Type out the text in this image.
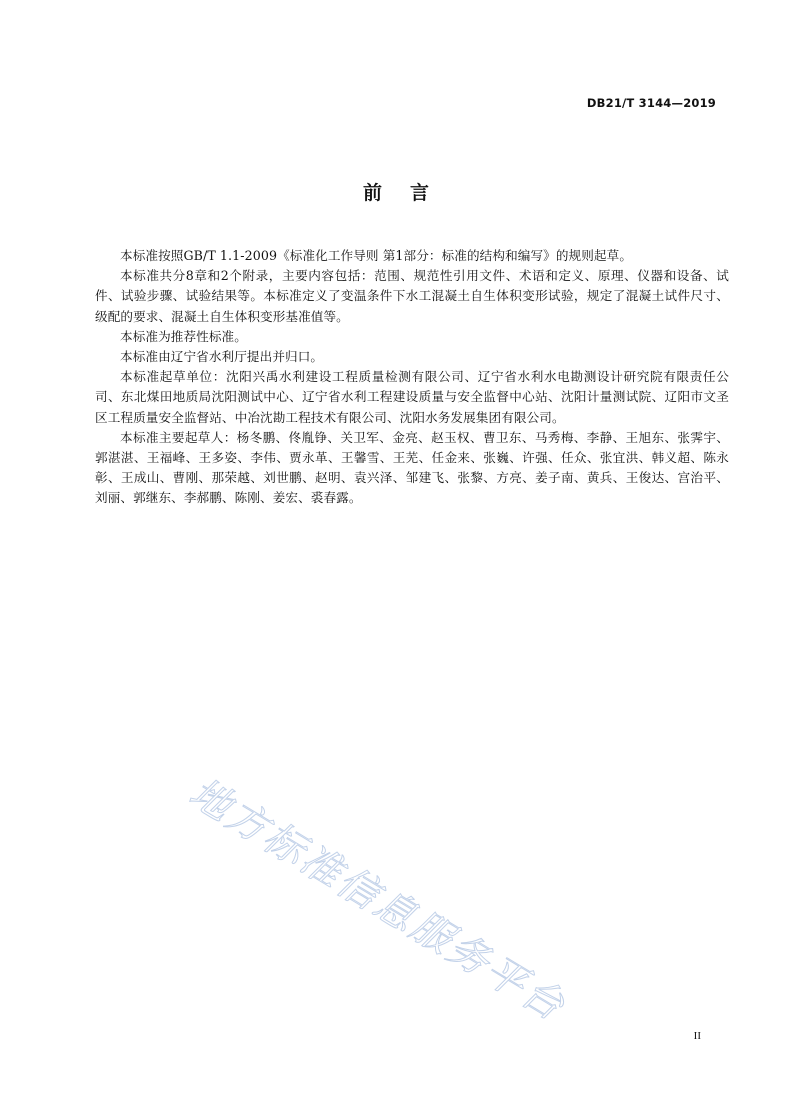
DB21/T 3144—2019
前言

本标准按照GB/T 1.1-2009《标准化工作导则 第1部分：标准的结构和编写》的规则起草。

本标准共分8章和2个附录，主要内容包括：范围、规范性引用文件、术语和定义、原理、仪器和设备、试件、试验步骤、试验结果等。本标准定义了变温条件下水工混凝土自生体积变形试验，规定了混凝土试件尺寸、级配的要求、混凝土自生体积变形基准值等。

本标准为推荐性标准。

本标准由辽宁省水利厅提出并归口。

本标准起草单位：沈阳兴禹水利建设工程质量检测有限公司、辽宁省水利水电勘测设计研究院有限责任公司、东北煤田地质局沈阳测试中心、辽宁省水利工程建设质量与安全监督中心站、沈阳计量测试院、辽阳市文圣区工程质量安全监督站、中冶沈勘工程技术有限公司、沈阳水务发展集团有限公司。

本标准主要起草人：杨冬鹏、佟胤铮、关卫军、金亮、赵玉权、曹卫东、马秀梅、李静、王旭东、张霁宇、郭湛湛、王福峰、王多姿、李伟、贾永革、王馨雪、王芜、任金来、张巍、许强、任众、张宜洪、韩义超、陈永彰、王成山、曹刚、那荣越、刘世鹏、赵明、袁兴泽、邹建飞、张黎、方亮、姜子南、黄兵、王俊达、宫治平、刘丽、郭继东、李郝鹏、陈刚、姜宏、裘春露。

地方标准信息服务平台
II
